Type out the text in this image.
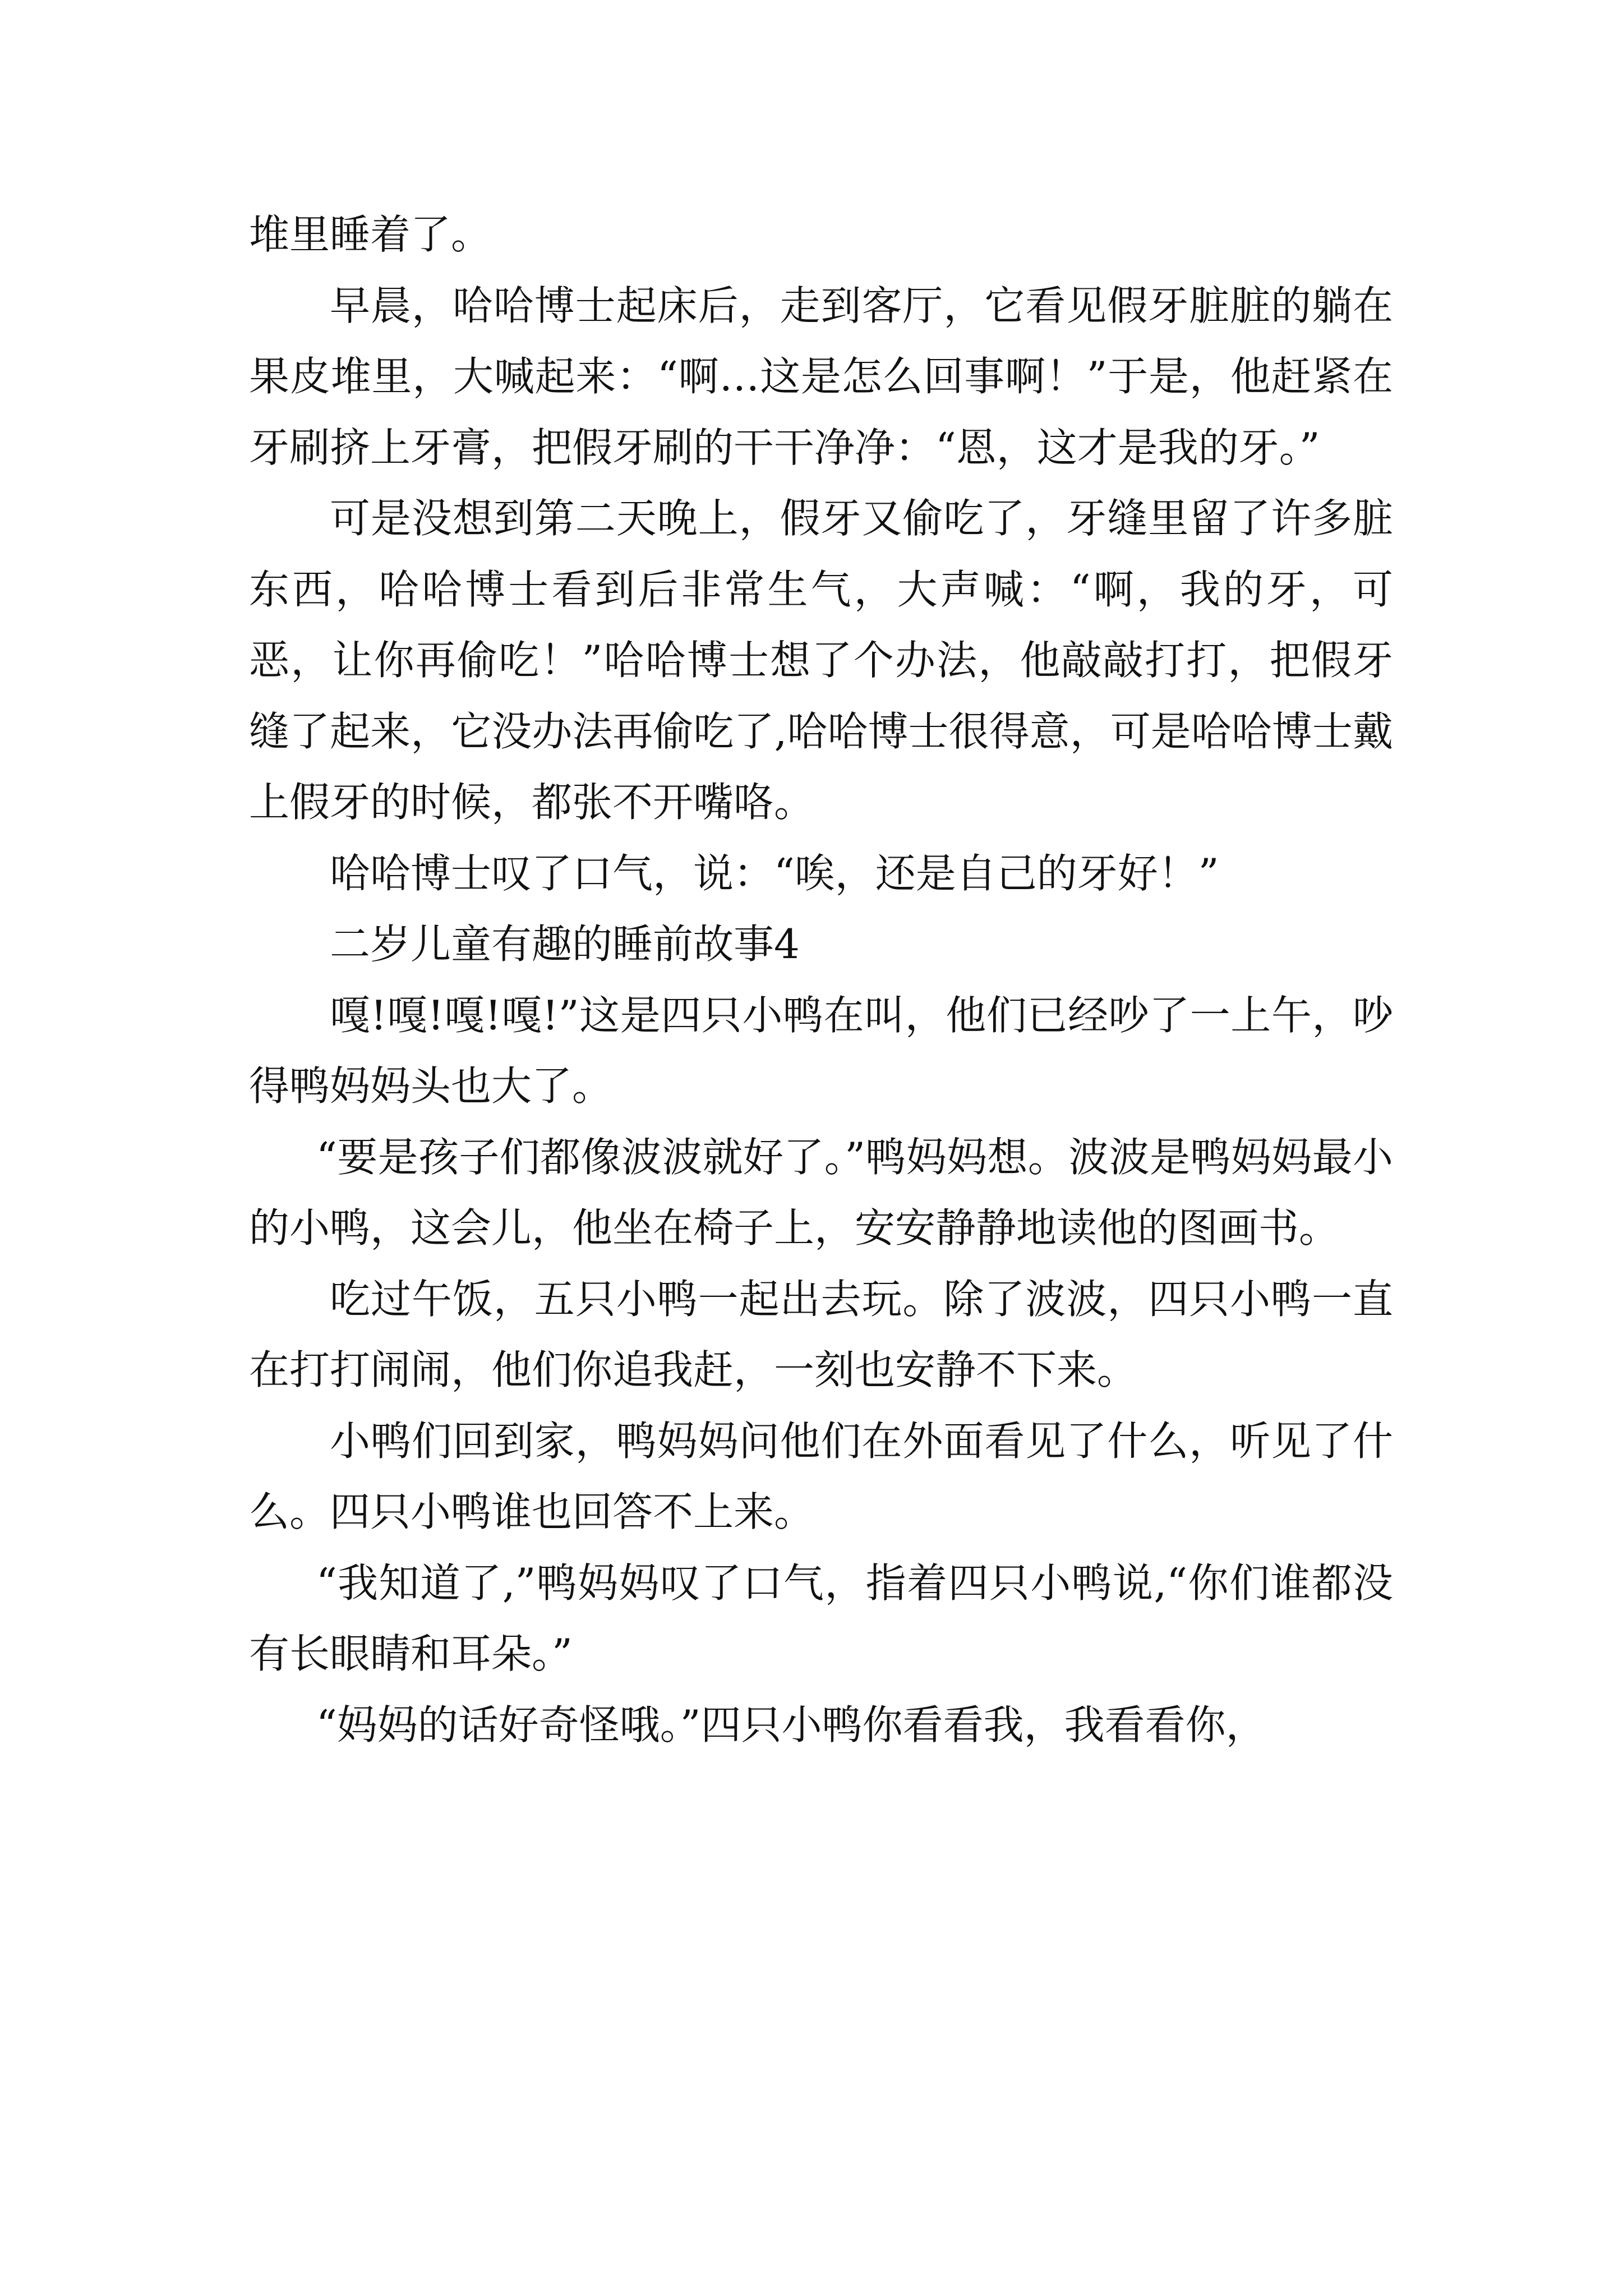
堆里睡着了。

早晨，哈哈博士起床后，走到客厅，它看见假牙脏脏的躺在果皮堆里，大喊起来：“啊…这是怎么回事啊！”于是，他赶紧在牙刷挤上牙膏，把假牙刷的干干净净：“恩，这才是我的牙。”

可是没想到第二天晚上，假牙又偷吃了，牙缝里留了许多脏东西，哈哈博士看到后非常生气，大声喊：“啊，我的牙，可恶，让你再偷吃！”哈哈博士想了个办法，他敲敲打打，把假牙缝了起来，它没办法再偷吃了,哈哈博士很得意，可是哈哈博士戴上假牙的时候，都张不开嘴咯。

哈哈博士叹了口气，说：“唉，还是自己的牙好！”

二岁儿童有趣的睡前故事4

嘎!嘎!嘎!嘎!”这是四只小鸭在叫，他们已经吵了一上午，吵得鸭妈妈头也大了。

“要是孩子们都像波波就好了。”鸭妈妈想。波波是鸭妈妈最小的小鸭，这会儿，他坐在椅子上，安安静静地读他的图画书。

吃过午饭，五只小鸭一起出去玩。除了波波，四只小鸭一直在打打闹闹，他们你追我赶，一刻也安静不下来。

小鸭们回到家，鸭妈妈问他们在外面看见了什么，听见了什么。四只小鸭谁也回答不上来。

“我知道了,”鸭妈妈叹了口气，指着四只小鸭说,“你们谁都没有长眼睛和耳朵。”

“妈妈的话好奇怪哦。”四只小鸭你看看我，我看看你，
